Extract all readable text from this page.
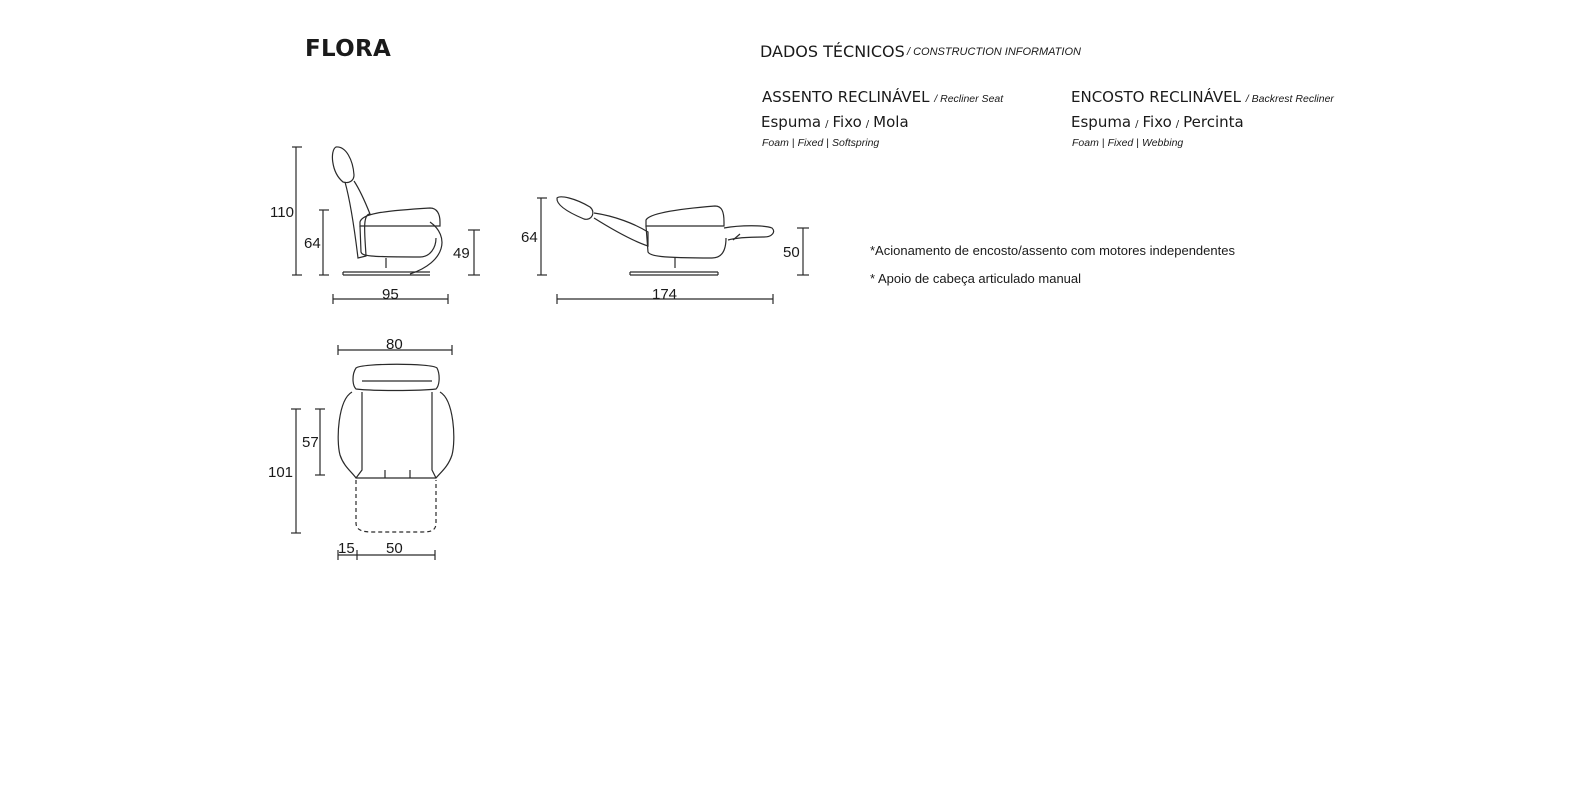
FLORA	DADOS TÉCNICOS / CONSTRUCTION INFORMATION
ASSENTO RECLINÁVEL / Recliner Seat
Espuma / Fixo / Mola
Foam | Fixed | Softspring
ENCOSTO RECLINÁVEL / Backrest Recliner
Espuma / Fixo / Percinta
Foam | Fixed | Webbing
*Acionamento de encosto/assento com motores independentes
* Apoio de cabeça articulado manual
110
64
49
95
64
50
174
80
101
57
15 50
